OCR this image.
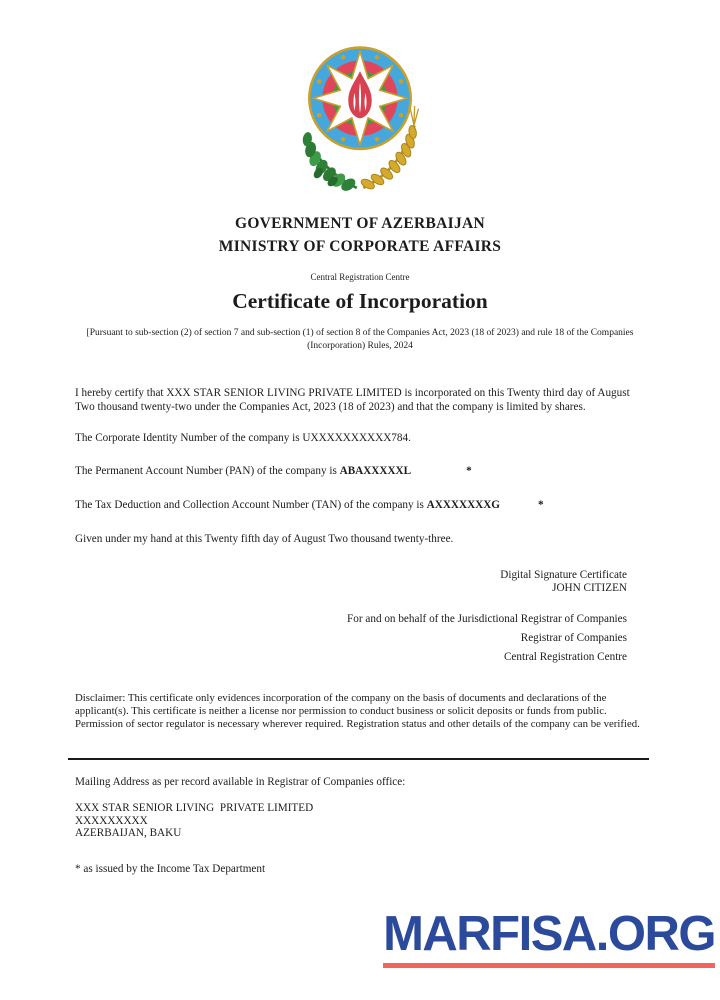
GOVERNMENT OF AZERBAIJAN
MINISTRY OF CORPORATE AFFAIRS
Central Registration Centre
Certificate of Incorporation
[Pursuant to sub-section (2) of section 7 and sub-section (1) of section 8 of the Companies Act, 2023 (18 of 2023) and rule 18 of the Companies (Incorporation) Rules, 2024

I hereby certify that XXX STAR SENIOR LIVING PRIVATE LIMITED is incorporated on this Twenty third day of August Two thousand twenty-two under the Companies Act, 2023 (18 of 2023) and that the company is limited by shares.

The Corporate Identity Number of the company is UXXXXXXXXXX784.

The Permanent Account Number (PAN) of the company is ABAXXXXXL	*

The Tax Deduction and Collection Account Number (TAN) of the company is AXXXXXXXG	*

Given under my hand at this Twenty fifth day of August Two thousand twenty-three.

Digital Signature Certificate
JOHN CITIZEN
For and on behalf of the Jurisdictional Registrar of Companies
Registrar of Companies
Central Registration Centre

Disclaimer: This certificate only evidences incorporation of the company on the basis of documents and declarations of the applicant(s). This certificate is neither a license nor permission to conduct business or solicit deposits or funds from public. Permission of sector regulator is necessary wherever required. Registration status and other details of the company can be verified.

Mailing Address as per record available in Registrar of Companies office:
XXX STAR SENIOR LIVING  PRIVATE LIMITED
XXXXXXXXX
AZERBAIJAN, BAKU
* as issued by the Income Tax Department
MARFISA.ORG
